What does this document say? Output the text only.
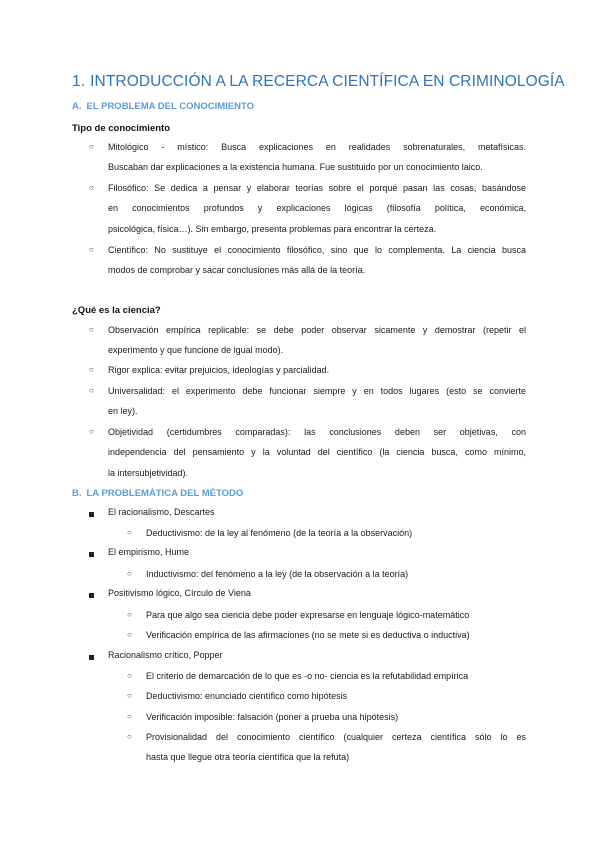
1. INTRODUCCIÓN A LA RECERCA CIENTÍFICA EN CRIMINOLOGÍA
A. EL PROBLEMA DEL CONOCIMIENTO
Tipo de conocimiento
○ Mitológico - místico: Busca explicaciones en realidades sobrenaturales, metafísicas.
Buscaban dar explicaciones a la existencia humana. Fue sustituido por un conocimiento laico.
○ Filosófico: Se dedica a pensar y elaborar teorías sobre el porqué pasan las cosas, basándose
en conocimientos profundos y explicaciones lógicas (filosofía política, económica,
psicológica, física…). Sin embargo, presenta problemas para encontrar la certeza.
○ Científico: No sustituye el conocimiento filosófico, sino que lo complementa. La ciencia busca
modos de comprobar y sacar conclusiones más allá de la teoría.
¿Qué es la ciencia?
○ Observación empírica replicable: se debe poder observar sicamente y demostrar (repetir el
experimento y que funcione de igual modo).
○ Rigor explica: evitar prejuicios, ideologías y parcialidad.
○ Universalidad: el experimento debe funcionar siempre y en todos lugares (esto se convierte
en ley).
○ Objetividad (certidumbres comparadas): las conclusiones deben ser objetivas, con
independencia del pensamiento y la voluntad del científico (la ciencia busca, como mínimo,
la intersubjetividad).
B. LA PROBLEMÁTICA DEL MÉTODO
El racionalismo, Descartes
○ Deductivismo: de la ley al fenómeno (de la teoría a la observación)
El empirismo, Hume
○ Inductivismo: del fenómeno a la ley (de la observación a la teoría)
Positivismo lógico, Círculo de Viena
○ Para que algo sea ciencia debe poder expresarse en lenguaje lógico-matemático
○ Verificación empírica de las afirmaciones (no se mete si es deductiva o inductiva)
Racionalismo crítico, Popper
○ El criterio de demarcación de lo que es -o no- ciencia es la refutabilidad empírica
○ Deductivismo: enunciado científico como hipótesis
○ Verificación imposible: falsación (poner a prueba una hipótesis)
○ Provisionalidad del conocimiento científico (cualquier certeza científica sólo lo es
hasta que llegue otra teoría científica que la refuta)
